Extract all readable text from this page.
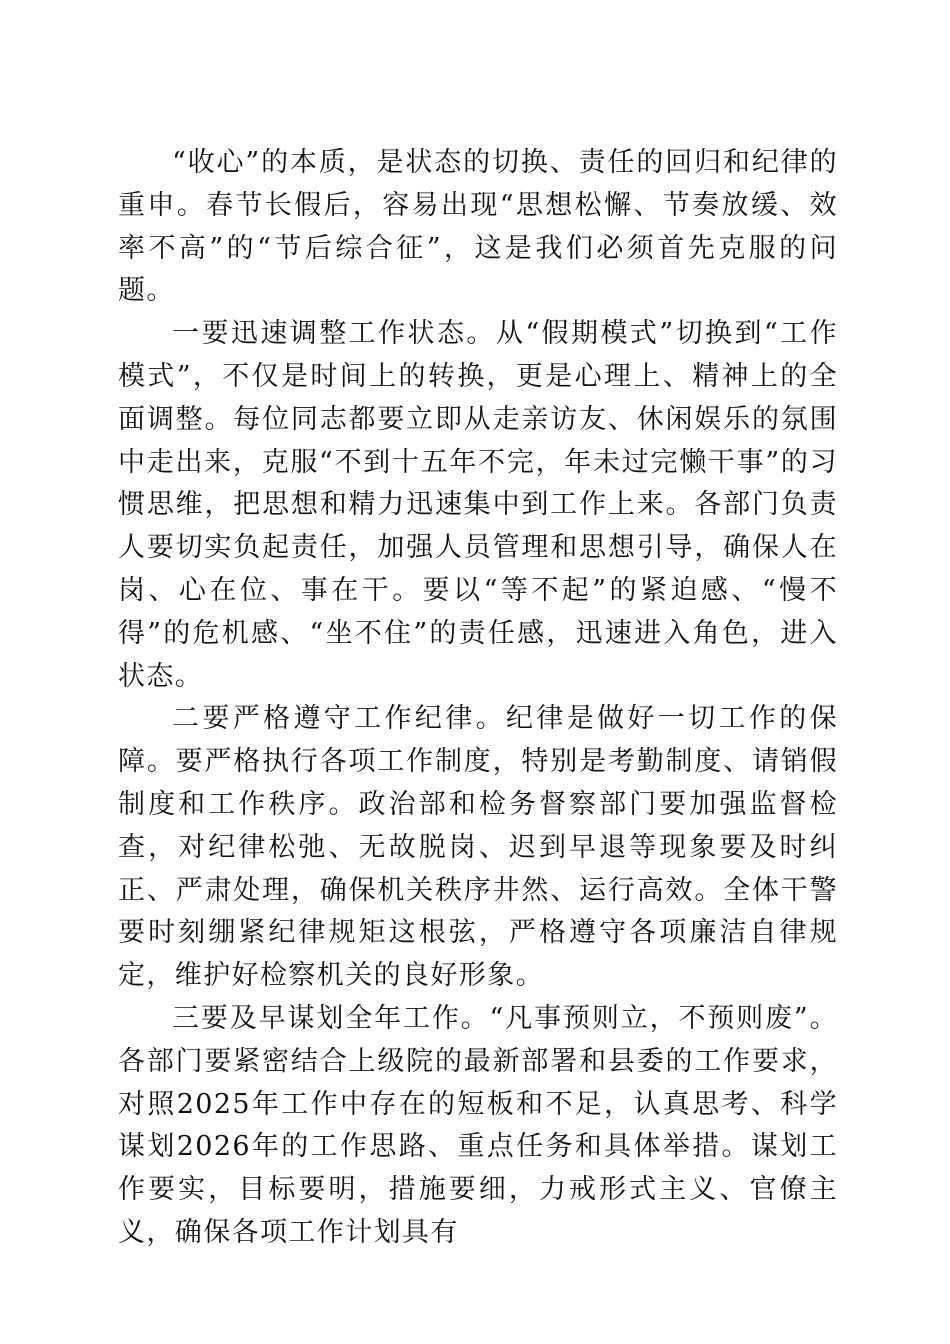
“收心”的本质，是状态的切换、责任的回归和纪律的重申。春节长假后，容易出现“思想松懈、节奏放缓、效率不高”的“节后综合征”，这是我们必须首先克服的问题。

一要迅速调整工作状态。从“假期模式”切换到“工作模式”，不仅是时间上的转换，更是心理上、精神上的全面调整。每位同志都要立即从走亲访友、休闲娱乐的氛围中走出来，克服“不到十五年不完，年未过完懒干事”的习惯思维，把思想和精力迅速集中到工作上来。各部门负责人要切实负起责任，加强人员管理和思想引导，确保人在岗、心在位、事在干。要以“等不起”的紧迫感、“慢不得”的危机感、“坐不住”的责任感，迅速进入角色，进入状态。

二要严格遵守工作纪律。纪律是做好一切工作的保障。要严格执行各项工作制度，特别是考勤制度、请销假制度和工作秩序。政治部和检务督察部门要加强监督检查，对纪律松弛、无故脱岗、迟到早退等现象要及时纠正、严肃处理，确保机关秩序井然、运行高效。全体干警要时刻绷紧纪律规矩这根弦，严格遵守各项廉洁自律规定，维护好检察机关的良好形象。

三要及早谋划全年工作。“凡事预则立，不预则废”。各部门要紧密结合上级院的最新部署和县委的工作要求，对照2025年工作中存在的短板和不足，认真思考、科学谋划2026年的工作思路、重点任务和具体举措。谋划工作要实，目标要明，措施要细，力戒形式主义、官僚主义，确保各项工作计划具有
